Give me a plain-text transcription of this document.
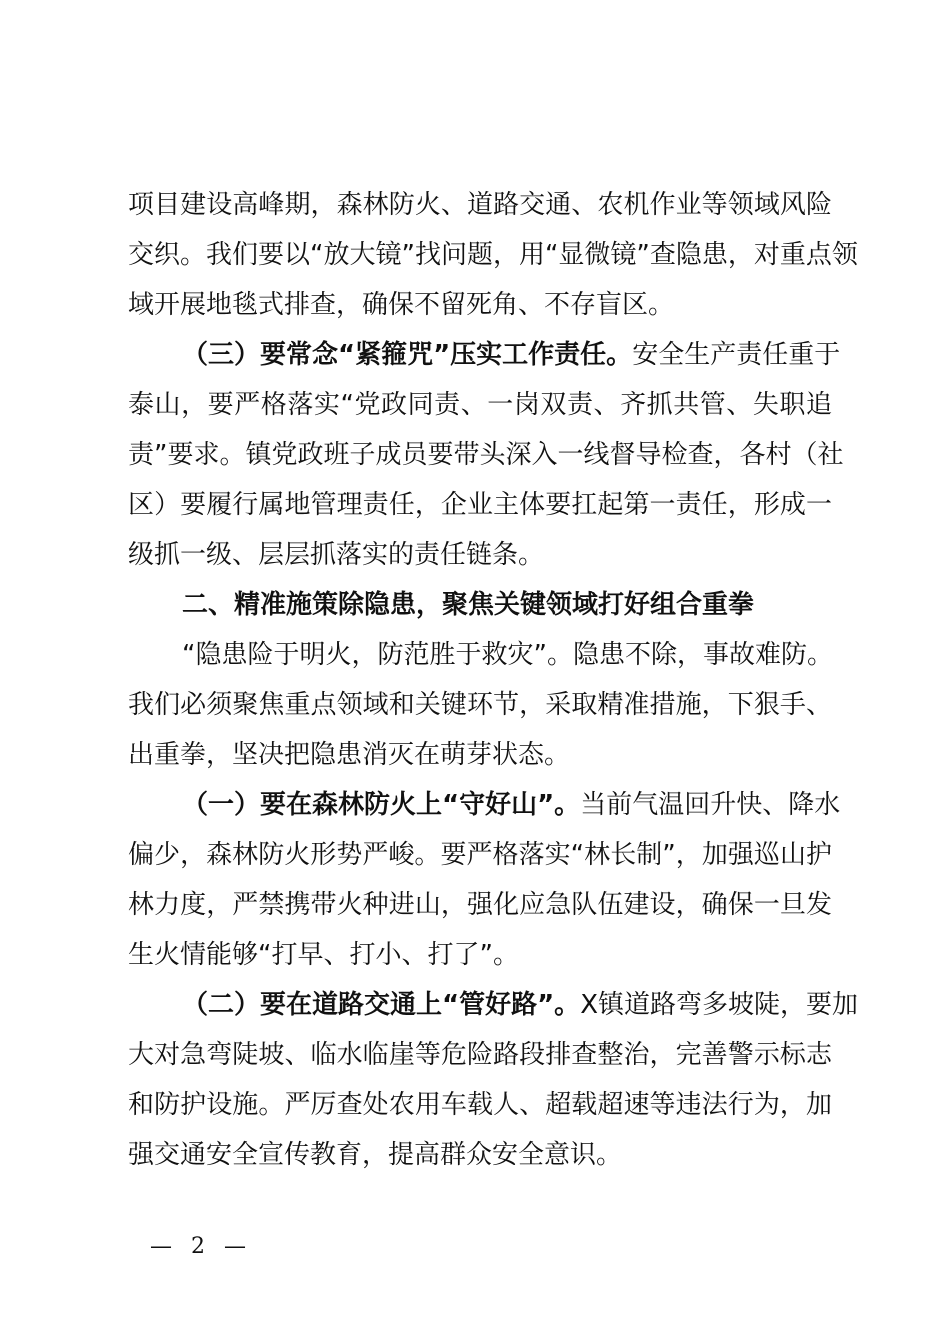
项目建设高峰期，森林防火、道路交通、农机作业等领域风险
交织。我们要以“放大镜”找问题，用“显微镜”查隐患，对重点领
域开展地毯式排查，确保不留死角、不存盲区。
（三）要常念“紧箍咒”压实工作责任。安全生产责任重于
泰山，要严格落实“党政同责、一岗双责、齐抓共管、失职追
责”要求。镇党政班子成员要带头深入一线督导检查，各村（社
区）要履行属地管理责任，企业主体要扛起第一责任，形成一
级抓一级、层层抓落实的责任链条。
二、精准施策除隐患，聚焦关键领域打好组合重拳
“隐患险于明火，防范胜于救灾”。隐患不除，事故难防。
我们必须聚焦重点领域和关键环节，采取精准措施，下狠手、
出重拳，坚决把隐患消灭在萌芽状态。
（一）要在森林防火上“守好山”。当前气温回升快、降水
偏少，森林防火形势严峻。要严格落实“林长制”，加强巡山护
林力度，严禁携带火种进山，强化应急队伍建设，确保一旦发
生火情能够“打早、打小、打了”。
（二）要在道路交通上“管好路”。X镇道路弯多坡陡，要加
大对急弯陡坡、临水临崖等危险路段排查整治，完善警示标志
和防护设施。严厉查处农用车载人、超载超速等违法行为，加
强交通安全宣传教育，提高群众安全意识。
— 2 —
